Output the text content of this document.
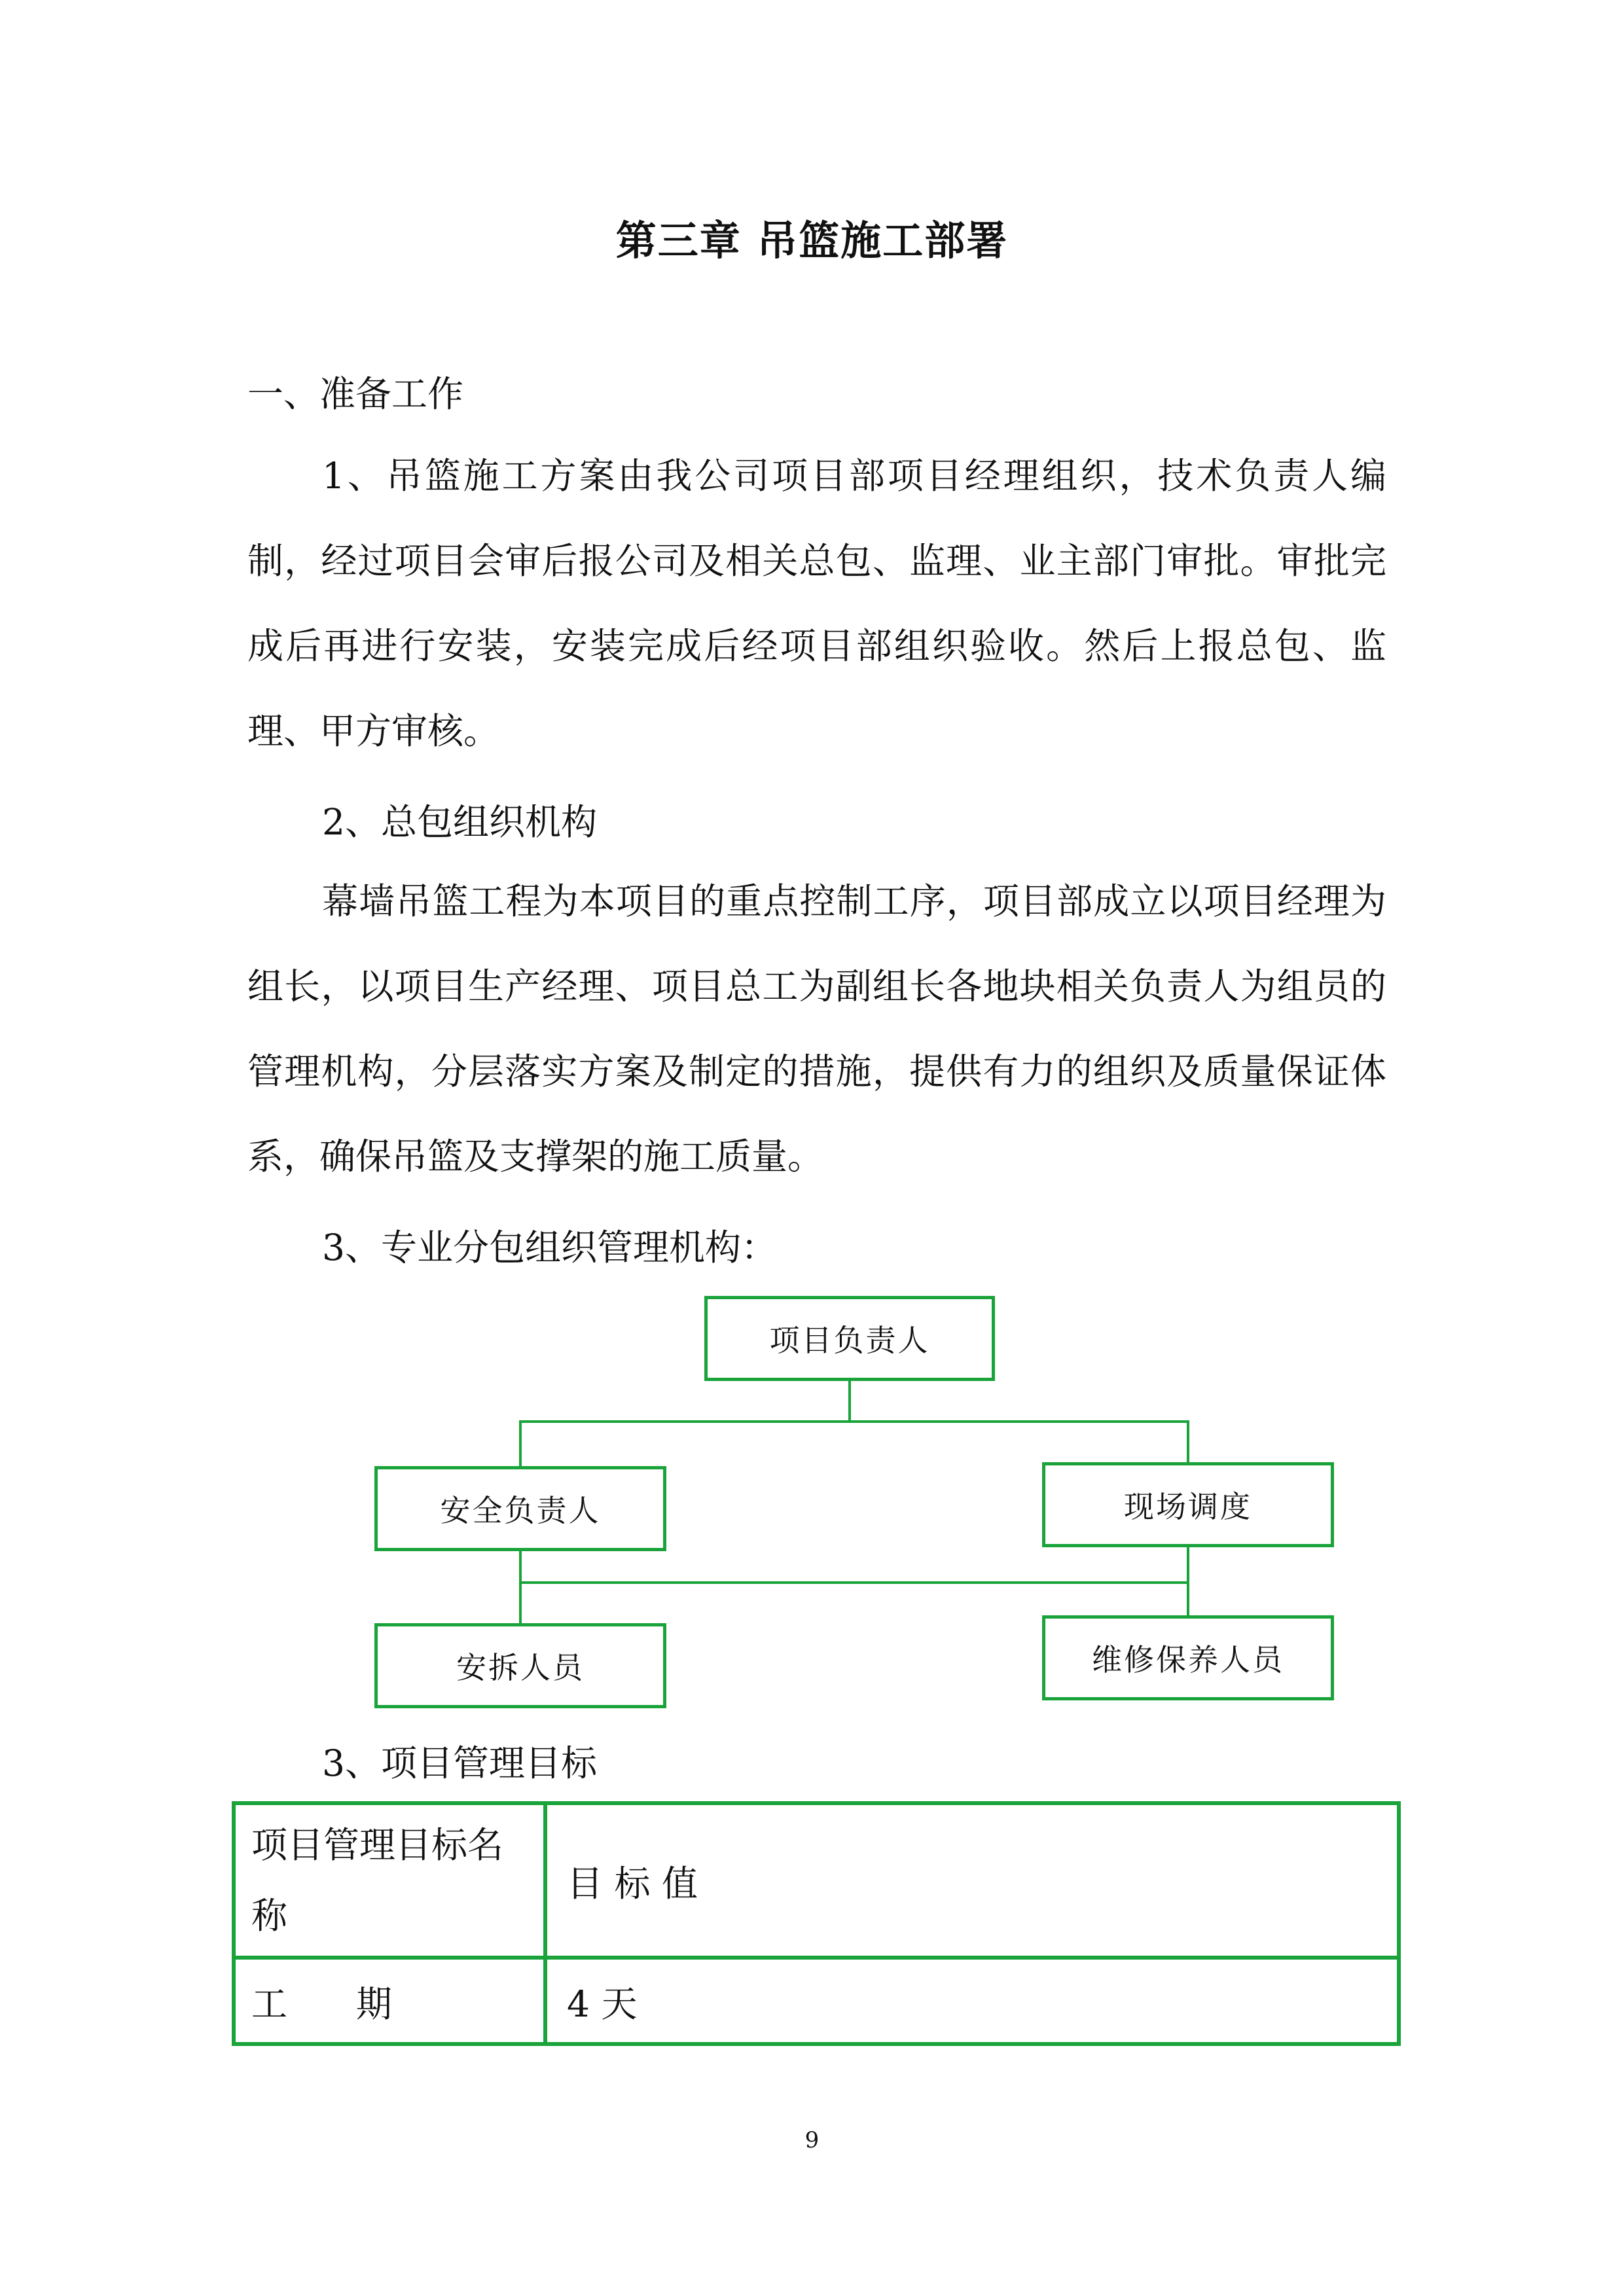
第三章 吊篮施工部署
一、准备工作
1、吊篮施工方案由我公司项目部项目经理组织，技术负责人编制，经过项目会审后报公司及相关总包、监理、业主部门审批。审批完成后再进行安装，安装完成后经项目部组织验收。然后上报总包、监理、甲方审核。
2、总包组织机构
幕墙吊篮工程为本项目的重点控制工序，项目部成立以项目经理为组长，以项目生产经理、项目总工为副组长各地块相关负责人为组员的管理机构，分层落实方案及制定的措施，提供有力的组织及质量保证体系，确保吊篮及支撑架的施工质量。
3、专业分包组织管理机构：
项目负责人
安全负责人	现场调度
安拆人员	维修保养人员
3、项目管理目标
项目管理目标名称	目 标 值
工      期	4 天
9
